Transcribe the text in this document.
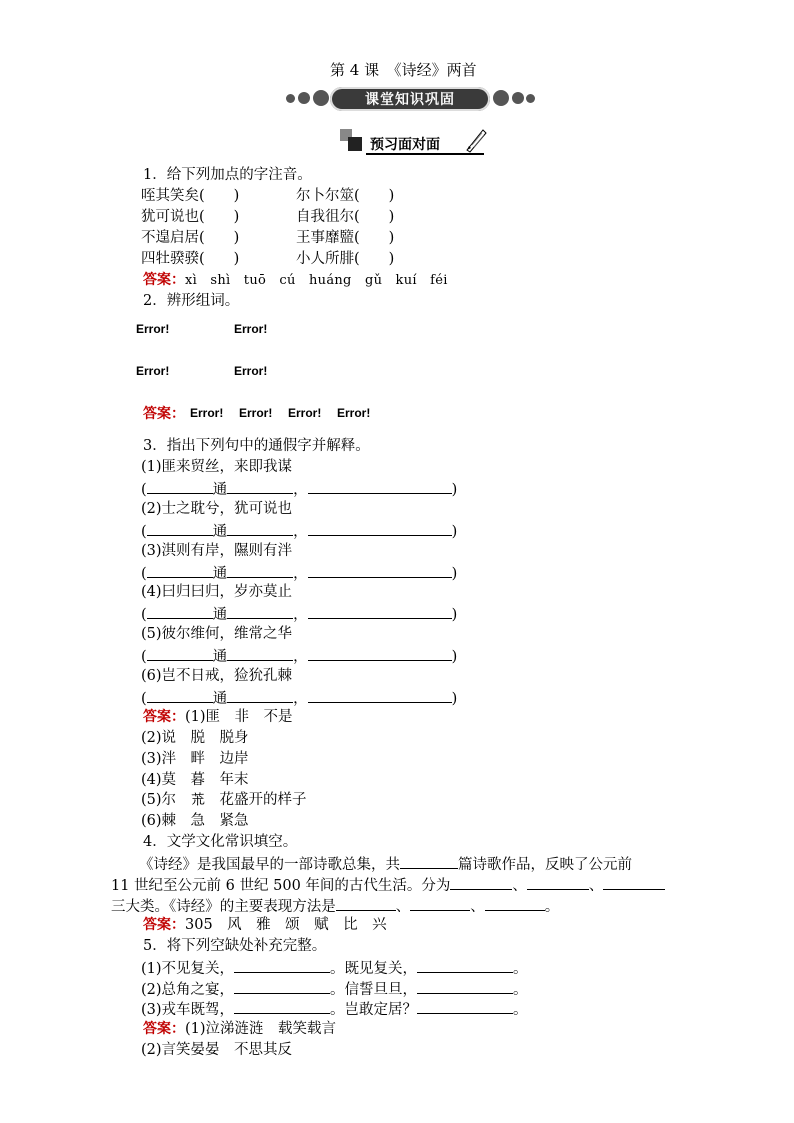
第 4 课　《诗经》两首
课堂知识巩固
预习面对面
1．给下列加点的字注音。
咥其笑矣(　　)	尔卜尔筮(　　)
犹可说也(　　)	自我徂尔(　　)
不遑启居(　　)	王事靡盬(　　)
四牡骙骙(　　)	小人所腓(　　)
答案：xì　shì　tuō　cú　huáng　gǔ　kuí　féi
2．辨形组词。
Error!	Error!
Error!	Error!
答案： Error! Error! Error! Error!
3．指出下列句中的通假字并解释。
(1)匪来贸丝，来即我谋
(	通	，	)
(2)士之耽兮，犹可说也
(	通	，	)
(3)淇则有岸，隰则有泮
(	通	，	)
(4)曰归曰归，岁亦莫止
(	通	，	)
(5)彼尔维何，维常之华
(	通	，	)
(6)岂不日戒，猃狁孔棘
(	通	，	)
答案：(1)匪　非　不是
(2)说　脱　脱身
(3)泮　畔　边岸
(4)莫　暮　年末
(5)尔　𦬸　花盛开的样子
(6)棘　急　紧急
4．文学文化常识填空。
《诗经》是我国最早的一部诗歌总集，共	篇诗歌作品，反映了公元前
11 世纪至公元前 6 世纪 500 年间的古代生活。分为	、	、
三大类。《诗经》的主要表现方法是	、	、	。
答案：305　风　雅　颂　赋　比　兴
5．将下列空缺处补充完整。
(1)不见复关，	。既见复关，	。
(2)总角之宴，	。信誓旦旦，	。
(3)戎车既驾，	。岂敢定居？	。
答案：(1)泣涕涟涟　载笑载言
(2)言笑晏晏　不思其反
